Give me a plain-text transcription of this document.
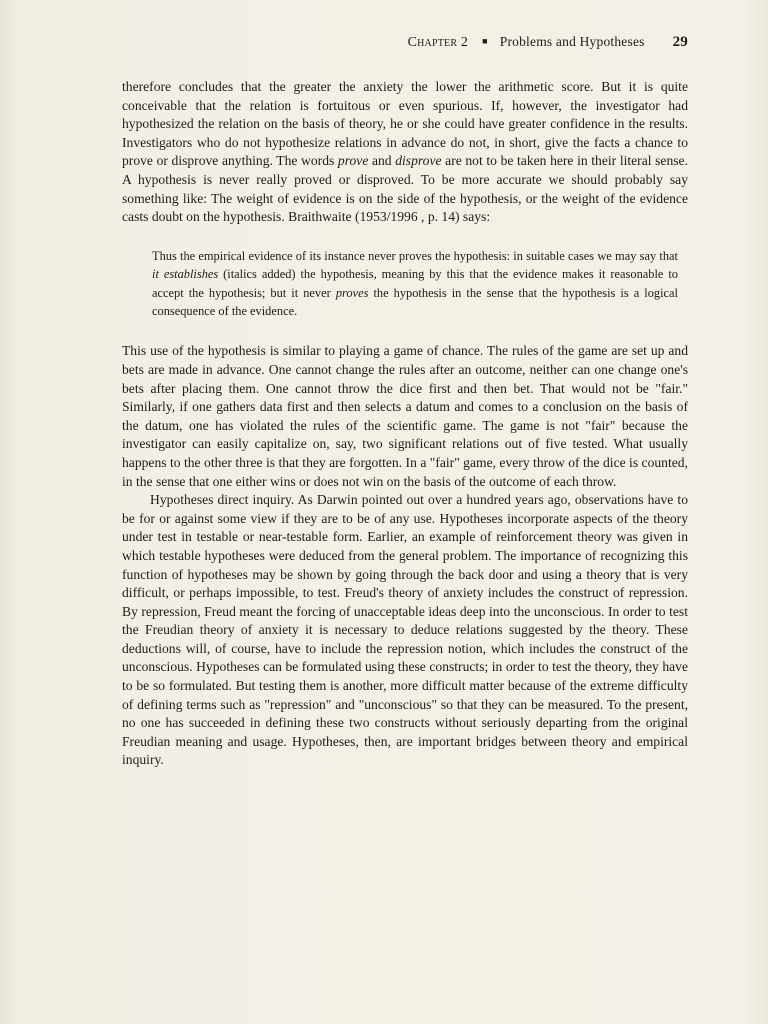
Chapter 2 ■ Problems and Hypotheses 29

therefore concludes that the greater the anxiety the lower the arithmetic score. But it is quite conceivable that the relation is fortuitous or even spurious. If, however, the investigator had hypothesized the relation on the basis of theory, he or she could have greater confidence in the results. Investigators who do not hypothesize relations in advance do not, in short, give the facts a chance to prove or disprove anything. The words prove and disprove are not to be taken here in their literal sense. A hypothesis is never really proved or disproved. To be more accurate we should probably say something like: The weight of evidence is on the side of the hypothesis, or the weight of the evidence casts doubt on the hypothesis. Braithwaite (1953/1996 , p. 14) says:

Thus the empirical evidence of its instance never proves the hypothesis: in suitable cases we may say that it establishes (italics added) the hypothesis, meaning by this that the evidence makes it reasonable to accept the hypothesis; but it never proves the hypothesis in the sense that the hypothesis is a logical consequence of the evidence.

This use of the hypothesis is similar to playing a game of chance. The rules of the game are set up and bets are made in advance. One cannot change the rules after an outcome, neither can one change one's bets after placing them. One cannot throw the dice first and then bet. That would not be "fair." Similarly, if one gathers data first and then selects a datum and comes to a conclusion on the basis of the datum, one has violated the rules of the scientific game. The game is not "fair" because the investigator can easily capitalize on, say, two significant relations out of five tested. What usually happens to the other three is that they are forgotten. In a "fair" game, every throw of the dice is counted, in the sense that one either wins or does not win on the basis of the outcome of each throw.

Hypotheses direct inquiry. As Darwin pointed out over a hundred years ago, observations have to be for or against some view if they are to be of any use. Hypotheses incorporate aspects of the theory under test in testable or near-testable form. Earlier, an example of reinforcement theory was given in which testable hypotheses were deduced from the general problem. The importance of recognizing this function of hypotheses may be shown by going through the back door and using a theory that is very difficult, or perhaps impossible, to test. Freud's theory of anxiety includes the construct of repression. By repression, Freud meant the forcing of unacceptable ideas deep into the unconscious. In order to test the Freudian theory of anxiety it is necessary to deduce relations suggested by the theory. These deductions will, of course, have to include the repression notion, which includes the construct of the unconscious. Hypotheses can be formulated using these constructs; in order to test the theory, they have to be so formulated. But testing them is another, more difficult matter because of the extreme difficulty of defining terms such as "repression" and "unconscious" so that they can be measured. To the present, no one has succeeded in defining these two constructs without seriously departing from the original Freudian meaning and usage. Hypotheses, then, are important bridges between theory and empirical inquiry.
